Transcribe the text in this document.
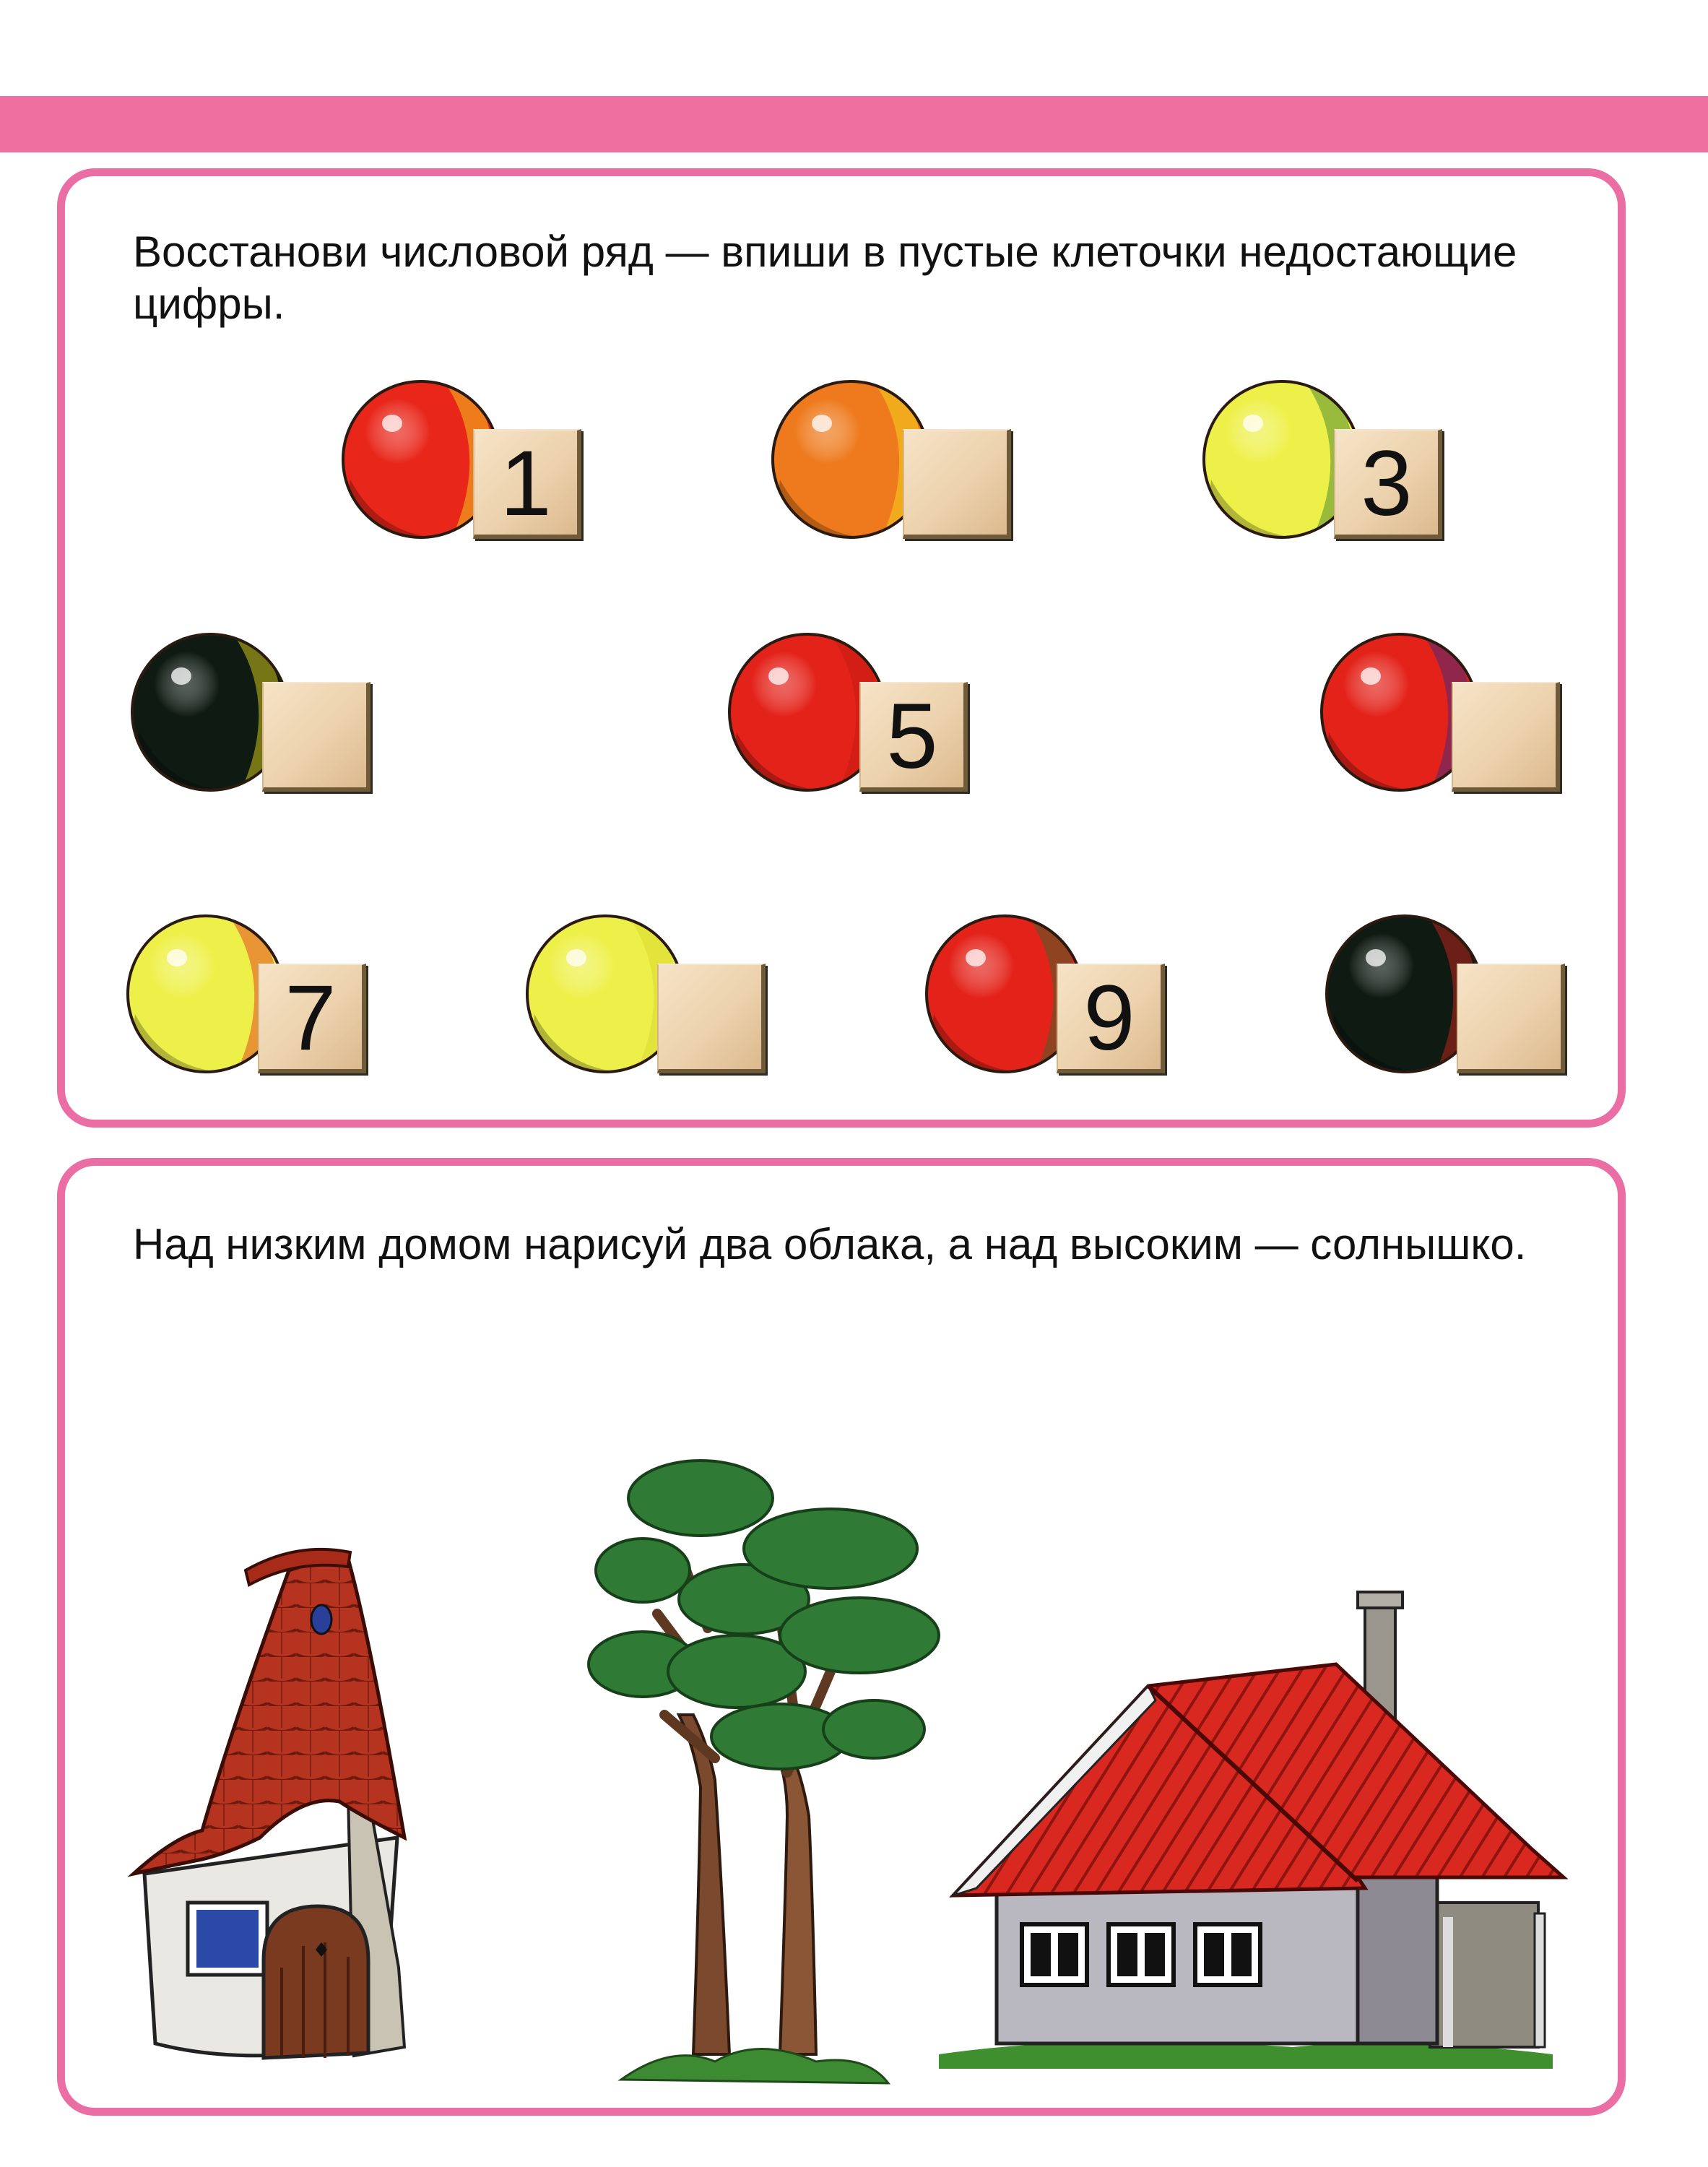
Восстанови числовой ряд — впиши в пустые клеточки недостающие цифры.

1	3
5
7	9

Над низким домом нарисуй два облака, а над высоким — солнышко.
